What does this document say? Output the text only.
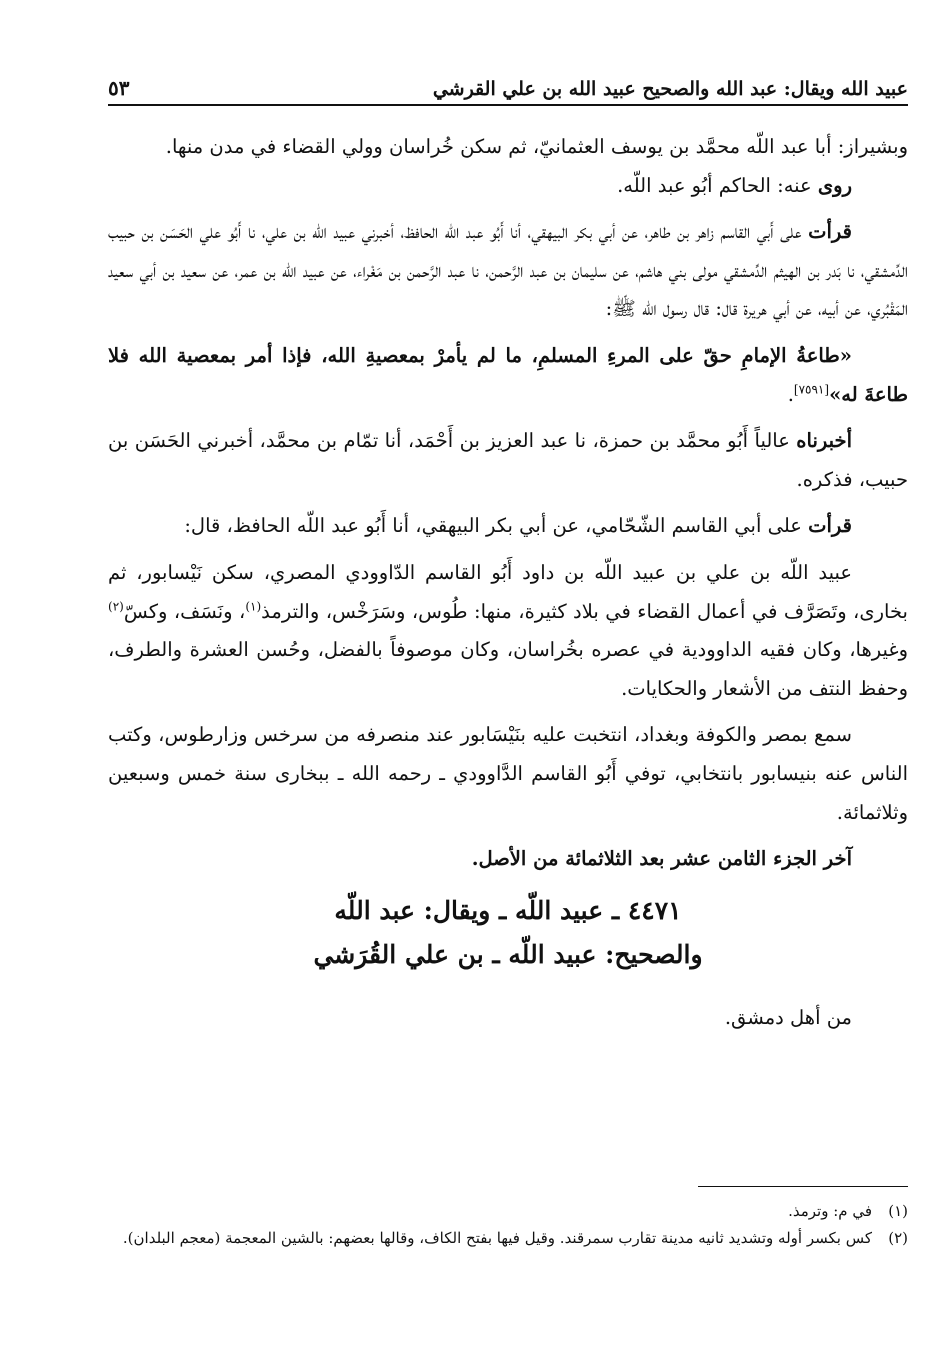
عبيد الله ويقال: عبد الله والصحيح عبيد الله بن علي القرشي
٥٣

وبشيراز: أبا عبد اللّه محمَّد بن يوسف العثمانيّ، ثم سكن خُراسان وولي القضاء في مدن منها.

روى عنه: الحاكم أبُو عبد اللّه.

قرأت على أَبي القاسم زاهر بن طاهر، عن أبي بكر البيهقي، أنا أَبُو عبد اللّه الحافظ، أخبرني عبيد اللّه بن علي، نا أَبُو علي الحَسَن بن حبيب الدِّمشقي، نا بَدر بن الهيثم الدِّمشقي مولى بني هاشم، عن سليمان بن عبد الرَّحمن، نا عبد الرَّحمن بن مَغْراء، عن عبيد اللّه بن عمر، عن سعيد بن أبي سعيد المَقْبُري، عن أبيه، عن أبي هريرة قال: قال رسول الله ﷺ:

«طاعةُ الإمامِ حقّ على المرءِ المسلمِ، ما لم يأمرْ بمعصيةِ الله، فإذا أمر بمعصية الله فلا طاعةَ له»[٧٥٩١].

أخبرناه عالياً أَبُو محمَّد بن حمزة، نا عبد العزيز بن أَحْمَد، أنا تمّام بن محمَّد، أخبرني الحَسَن بن حبيب، فذكره.

قرأت على أبي القاسم الشّحّامي، عن أبي بكر البيهقي، أنا أَبُو عبد اللّه الحافظ، قال:

عبيد اللّه بن علي بن عبيد اللّه بن داود أَبُو القاسم الدّاوودي المصري، سكن نَيْسابور، ثم بخارى، وتَصَرَّف في أعمال القضاء في بلاد كثيرة، منها: طُوس، وسَرَخْس، والترمذ$^{(١)}$، ونَسَف، وكسّ$^{(٢)}$ وغيرها، وكان فقيه الداوودية في عصره بخُراسان، وكان موصوفاً بالفضل، وحُسن العشرة والطرف، وحفظ النتف من الأشعار والحكايات.

سمع بمصر والكوفة وبغداد، انتخبت عليه بنَيْسَابور عند منصرفه من سرخس وزارطوس، وكتب الناس عنه بنيسابور بانتخابي، توفي أَبُو القاسم الدَّاوودي ـ رحمه الله ـ ببخارى سنة خمس وسبعين وثلاثمائة.

آخر الجزء الثامن عشر بعد الثلاثمائة من الأصل.

٤٤٧١ ـ عبيد اللّه ـ ويقال: عبد اللّه
والصحيح: عبيد اللّه ـ بن علي القُرَشي

من أهل دمشق.

(١)
في م: وترمذ.

(٢)
كس بكسر أوله وتشديد ثانيه مدينة تقارب سمرقند. وقيل فيها بفتح الكاف، وقالها بعضهم: بالشين المعجمة (معجم البلدان).
